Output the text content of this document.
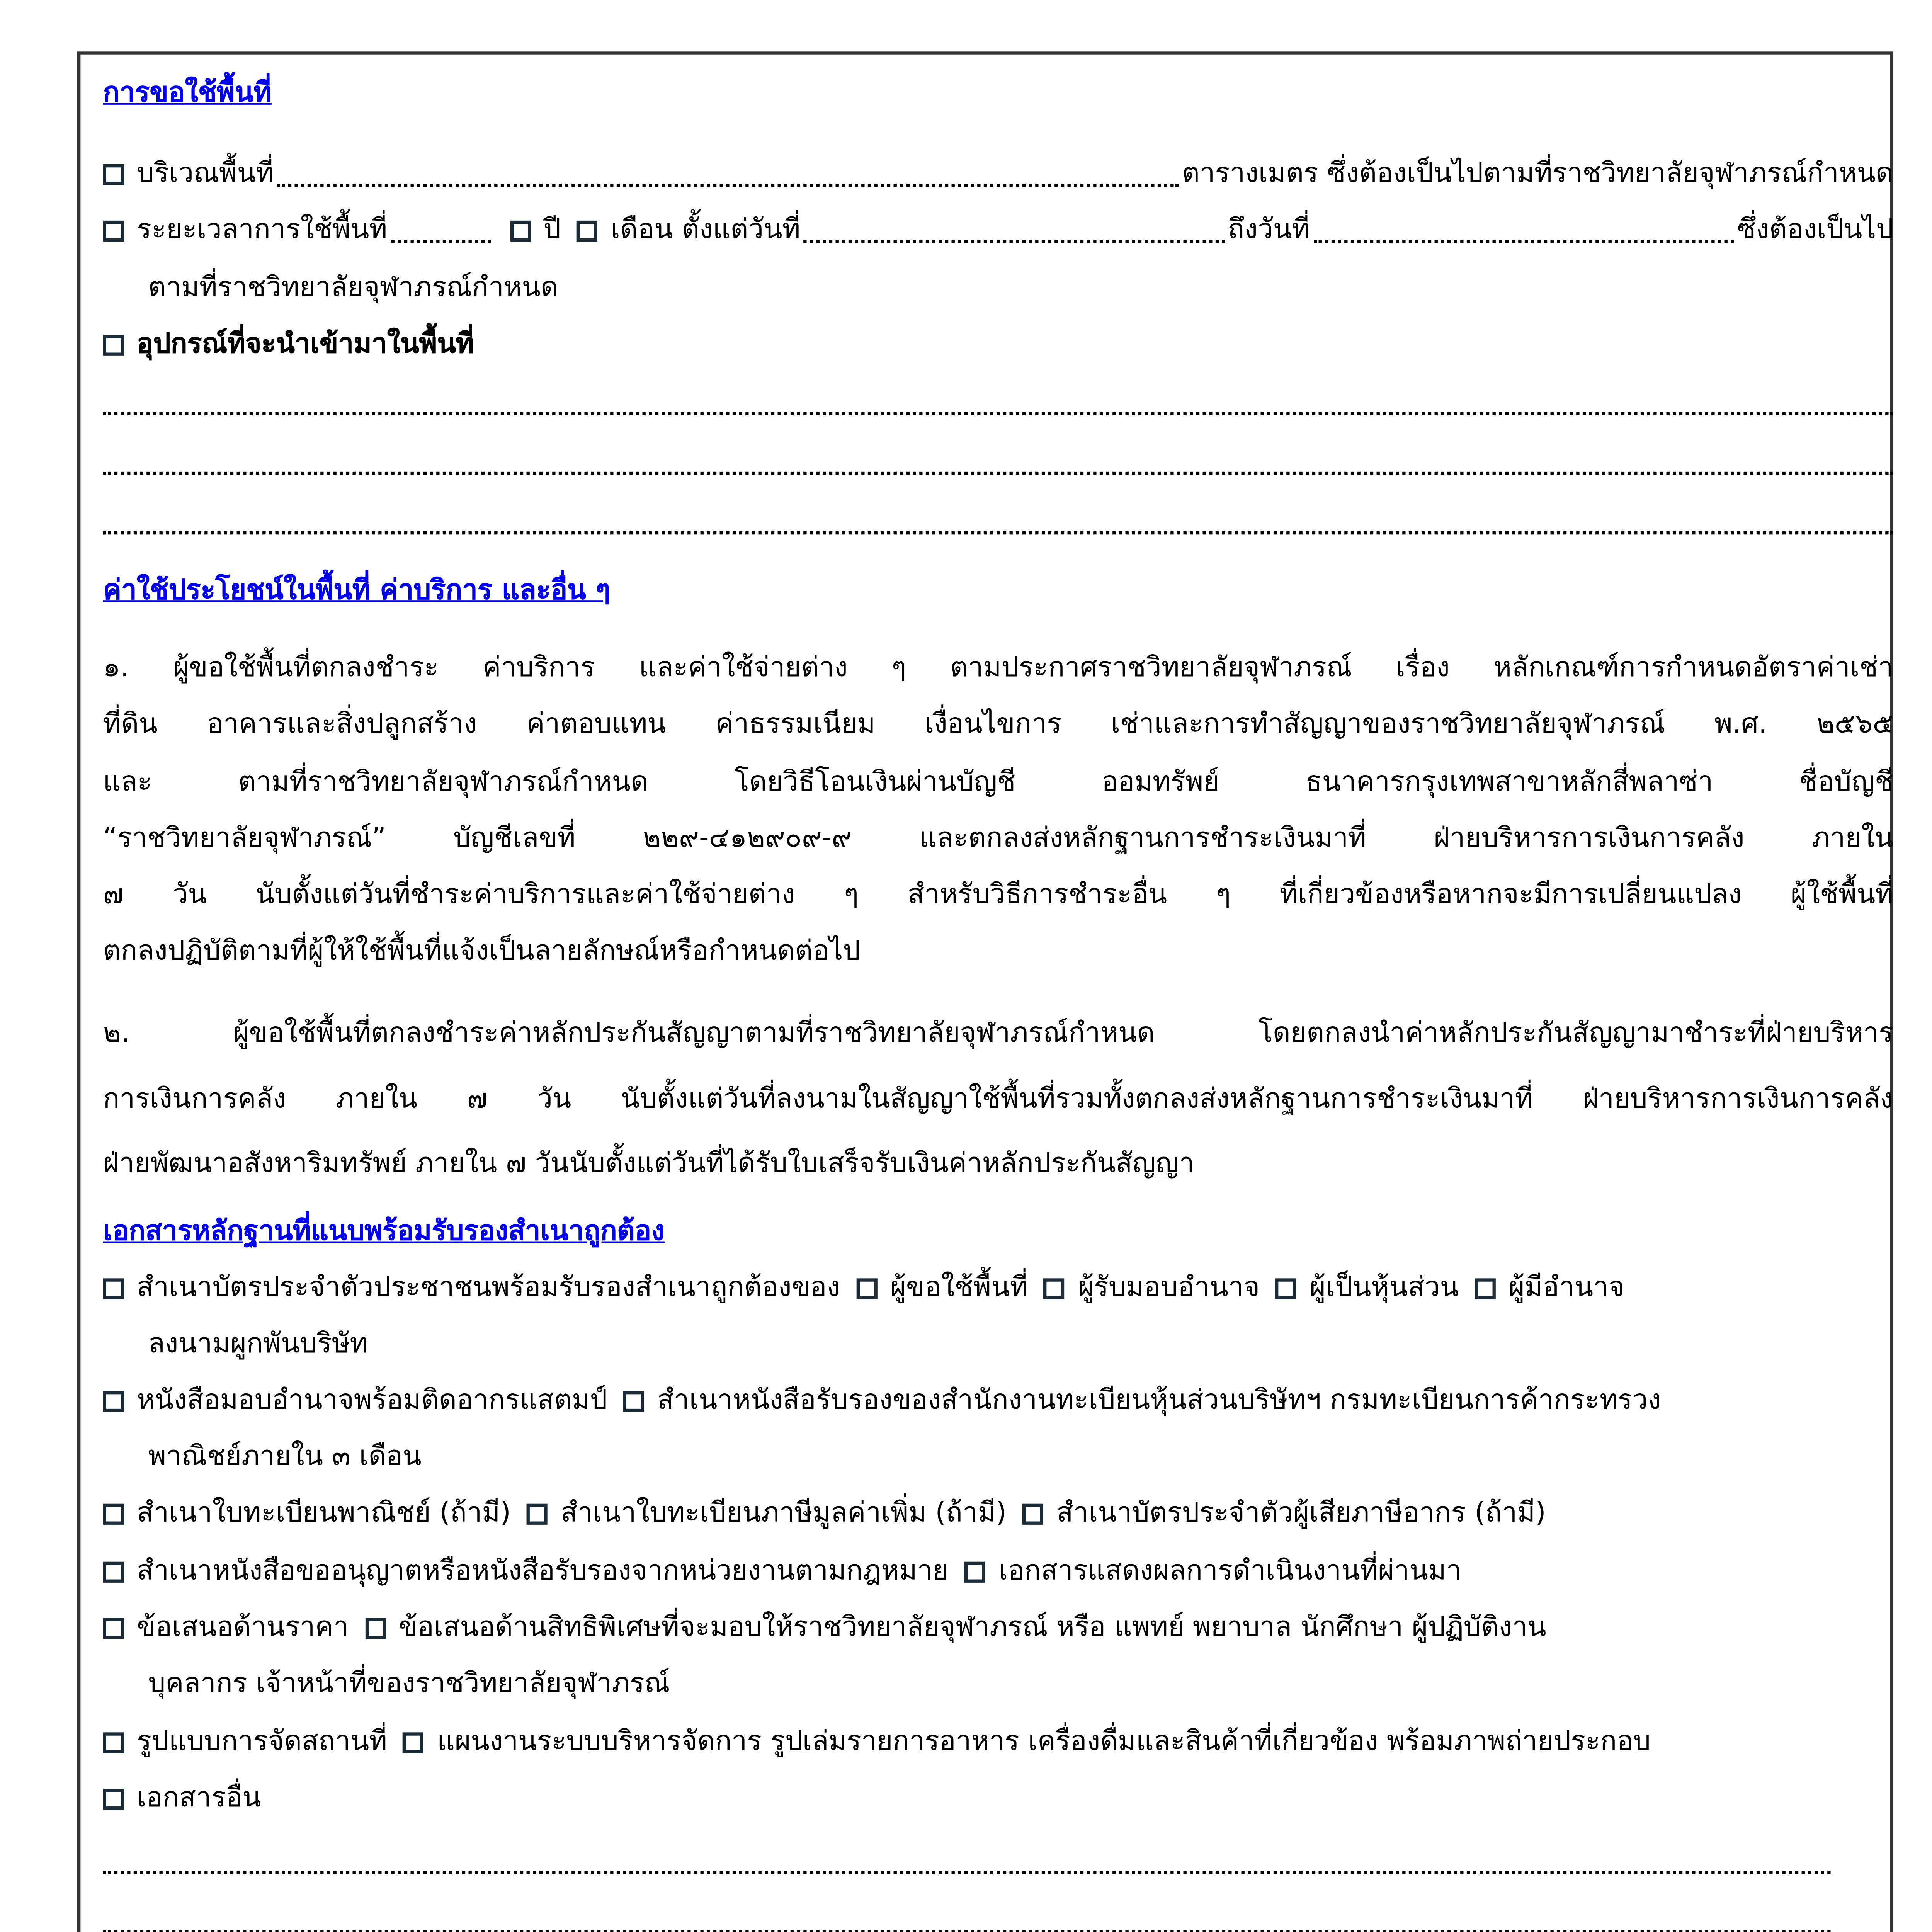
การขอใช้พื้นที่
บริเวณพื้นที่	ตารางเมตร ซึ่งต้องเป็นไปตามที่ราชวิทยาลัยจุฬาภรณ์กำหนด
ระยะเวลาการใช้พื้นที่	ปี	เดือน ตั้งแต่วันที่	ถึงวันที่	ซึ่งต้องเป็นไป
ตามที่ราชวิทยาลัยจุฬาภรณ์กำหนด
อุปกรณ์ที่จะนำเข้ามาในพื้นที่
ค่าใช้ประโยชน์ในพื้นที่ ค่าบริการ และอื่น ๆ
๑. ผู้ขอใช้พื้นที่ตกลงชำระ ค่าบริการ และค่าใช้จ่ายต่าง ๆ ตามประกาศราชวิทยาลัยจุฬาภรณ์ เรื่อง หลักเกณฑ์การกำหนดอัตราค่าเช่า
ที่ดิน อาคารและสิ่งปลูกสร้าง ค่าตอบแทน ค่าธรรมเนียม เงื่อนไขการ เช่าและการทำสัญญาของราชวิทยาลัยจุฬาภรณ์ พ.ศ. ๒๕๖๕
และ ตามที่ราชวิทยาลัยจุฬาภรณ์กำหนด โดยวิธีโอนเงินผ่านบัญชี ออมทรัพย์ ธนาคารกรุงเทพสาขาหลักสี่พลาซ่า ชื่อบัญชี
“ราชวิทยาลัยจุฬาภรณ์” บัญชีเลขที่ ๒๒๙-๔๑๒๙๐๙-๙ และตกลงส่งหลักฐานการชำระเงินมาที่ ฝ่ายบริหารการเงินการคลัง ภายใน
๗ วัน นับตั้งแต่วันที่ชำระค่าบริการและค่าใช้จ่ายต่าง ๆ สำหรับวิธีการชำระอื่น ๆ ที่เกี่ยวข้องหรือหากจะมีการเปลี่ยนแปลง ผู้ใช้พื้นที่
ตกลงปฏิบัติตามที่ผู้ให้ใช้พื้นที่แจ้งเป็นลายลักษณ์หรือกำหนดต่อไป
๒. ผู้ขอใช้พื้นที่ตกลงชำระค่าหลักประกันสัญญาตามที่ราชวิทยาลัยจุฬาภรณ์กำหนด โดยตกลงนำค่าหลักประกันสัญญามาชำระที่ฝ่ายบริหาร
การเงินการคลัง ภายใน ๗ วัน นับตั้งแต่วันที่ลงนามในสัญญาใช้พื้นที่รวมทั้งตกลงส่งหลักฐานการชำระเงินมาที่ ฝ่ายบริหารการเงินการคลัง
ฝ่ายพัฒนาอสังหาริมทรัพย์ ภายใน ๗ วันนับตั้งแต่วันที่ได้รับใบเสร็จรับเงินค่าหลักประกันสัญญา
เอกสารหลักฐานที่แนบพร้อมรับรองสำเนาถูกต้อง
สำเนาบัตรประจำตัวประชาชนพร้อมรับรองสำเนาถูกต้องของ	ผู้ขอใช้พื้นที่	ผู้รับมอบอำนาจ	ผู้เป็นหุ้นส่วน	ผู้มีอำนาจ
ลงนามผูกพันบริษัท
หนังสือมอบอำนาจพร้อมติดอากรแสตมป์	สำเนาหนังสือรับรองของสำนักงานทะเบียนหุ้นส่วนบริษัทฯ กรมทะเบียนการค้ากระทรวง
พาณิชย์ภายใน ๓ เดือน
สำเนาใบทะเบียนพาณิชย์ (ถ้ามี)	สำเนาใบทะเบียนภาษีมูลค่าเพิ่ม (ถ้ามี)	สำเนาบัตรประจำตัวผู้เสียภาษีอากร (ถ้ามี)
สำเนาหนังสือขออนุญาตหรือหนังสือรับรองจากหน่วยงานตามกฎหมาย	เอกสารแสดงผลการดำเนินงานที่ผ่านมา
ข้อเสนอด้านราคา	ข้อเสนอด้านสิทธิพิเศษที่จะมอบให้ราชวิทยาลัยจุฬาภรณ์ หรือ แพทย์ พยาบาล นักศึกษา ผู้ปฏิบัติงาน
บุคลากร เจ้าหน้าที่ของราชวิทยาลัยจุฬาภรณ์
รูปแบบการจัดสถานที่	แผนงานระบบบริหารจัดการ รูปเล่มรายการอาหาร เครื่องดื่มและสินค้าที่เกี่ยวข้อง พร้อมภาพถ่ายประกอบ
เอกสารอื่น
